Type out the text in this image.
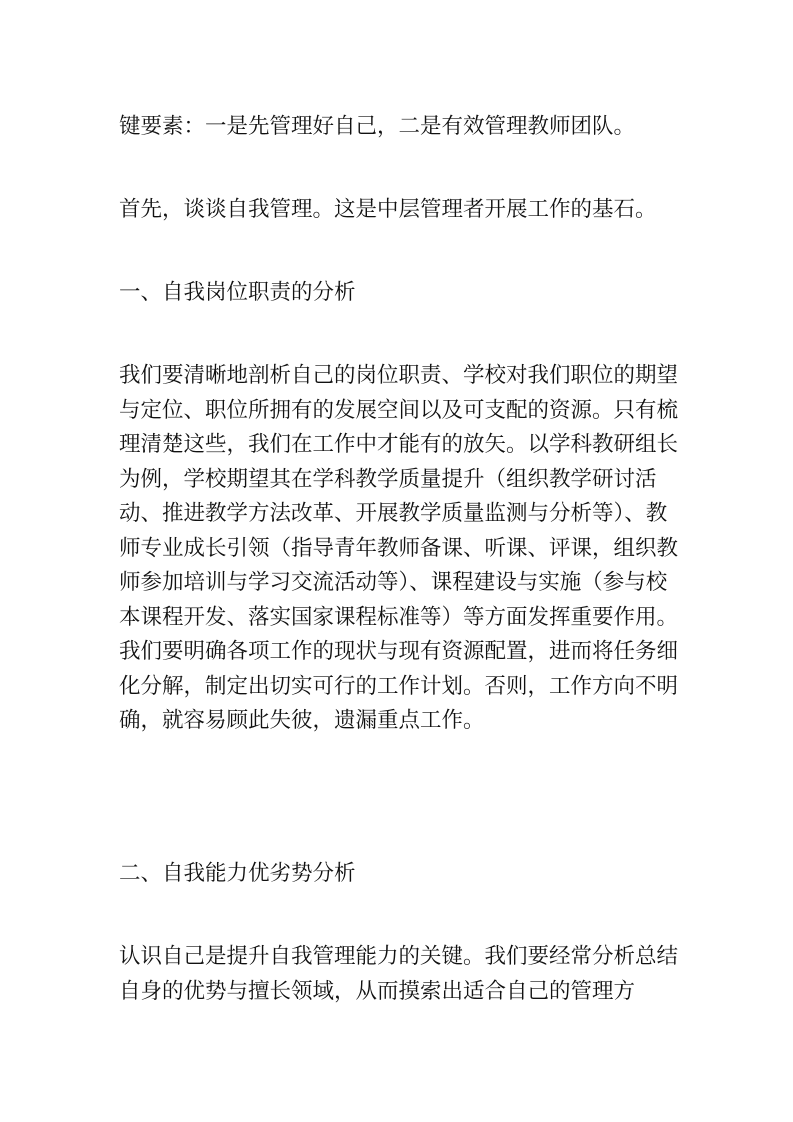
键要素：一是先管理好自己，二是有效管理教师团队。

首先，谈谈自我管理。这是中层管理者开展工作的基石。

一、自我岗位职责的分析

我们要清晰地剖析自己的岗位职责、学校对我们职位的期望与定位、职位所拥有的发展空间以及可支配的资源。只有梳理清楚这些，我们在工作中才能有的放矢。以学科教研组长为例，学校期望其在学科教学质量提升（组织教学研讨活动、推进教学方法改革、开展教学质量监测与分析等）、教师专业成长引领（指导青年教师备课、听课、评课，组织教师参加培训与学习交流活动等）、课程建设与实施（参与校本课程开发、落实国家课程标准等）等方面发挥重要作用。我们要明确各项工作的现状与现有资源配置，进而将任务细化分解，制定出切实可行的工作计划。否则，工作方向不明确，就容易顾此失彼，遗漏重点工作。

二、自我能力优劣势分析

认识自己是提升自我管理能力的关键。我们要经常分析总结自身的优势与擅长领域，从而摸索出适合自己的管理方
